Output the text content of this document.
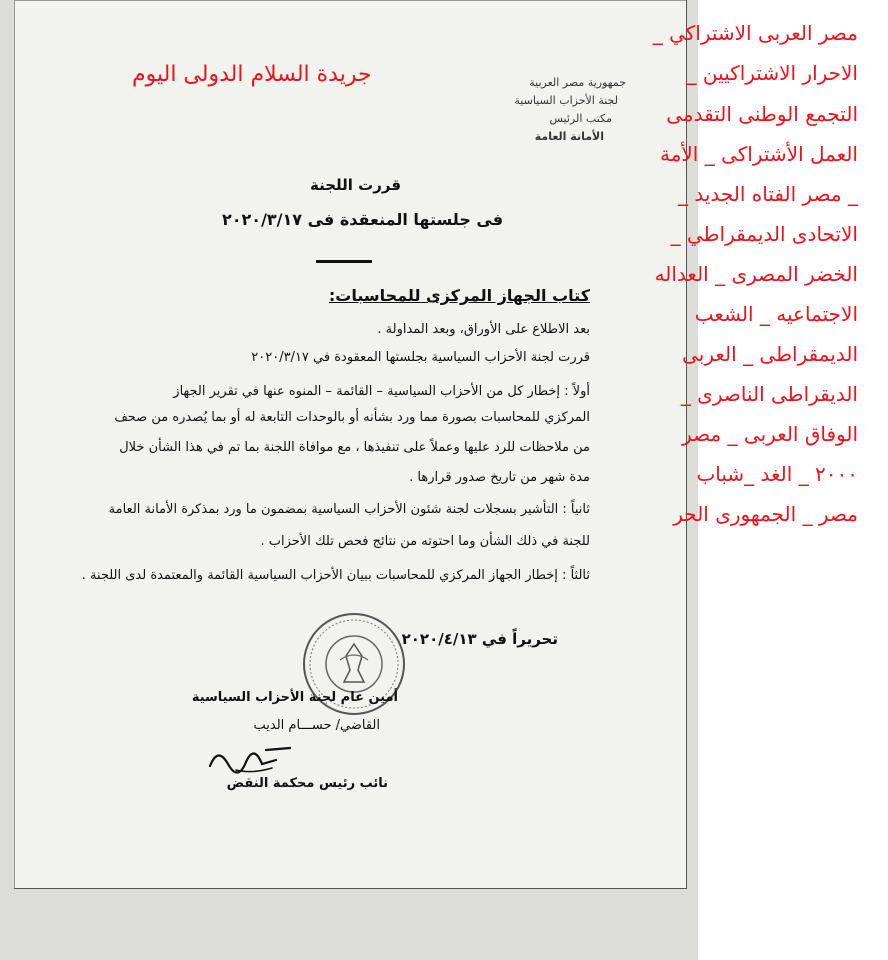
جمهورية مصر العربية
لجنة الأحزاب السياسية
مكتب الرئيس
الأمانة العامة
قررت اللجنة
فى جلستها المنعقدة فى ٢٠٢٠/٣/١٧
كتاب الجهاز المركزى للمحاسبات:
بعد الاطلاع على الأوراق، وبعد المداولة .
قررت لجنة الأحزاب السياسية بجلستها المعقودة في ٢٠٢٠/٣/١٧
أولاً : إخطار كل من الأحزاب السياسية – القائمة – المنوه عنها في تقرير الجهاز
المركزي للمحاسبات بصورة مما ورد بشأنه أو بالوحدات التابعة له أو بما يُصدره من صحف
من ملاحظات للرد عليها وعملاً على تنفيذها ، مع موافاة اللجنة بما تم في هذا الشأن خلال
مدة شهر من تاريخ صدور قرارها .
ثانياً : التأشير بسجلات لجنة شئون الأحزاب السياسية بمضمون ما ورد بمذكرة الأمانة العامة
للجنة في ذلك الشأن وما احتوته من نتائج فحص تلك الأحزاب .
ثالثاً : إخطار الجهاز المركزي للمحاسبات ببيان الأحزاب السياسية القائمة والمعتمدة لدى اللجنة .
تحريراً في ٢٠٢٠/٤/١٣
أمين عام لجنة الأحزاب السياسية
القاضي/ حســـام الديب
نائب رئيس محكمة النقض
جريدة السلام الدولى اليوم
مصر العربى الاشتراكي _
الاحرار الاشتراكيين _
التجمع الوطنى التقدمى
العمل الأشتراكى _ الأمة
_ مصر الفتاه الجديد _
الاتحادى الديمقراطي _
الخضر المصرى _ العداله
الاجتماعيه _ الشعب
الديمقراطى _ العربى
الديقراطى الناصرى _
الوفاق العربى _ مصر
٢٠٠٠ _ الغد _شباب
مصر _ الجمهورى الحر
